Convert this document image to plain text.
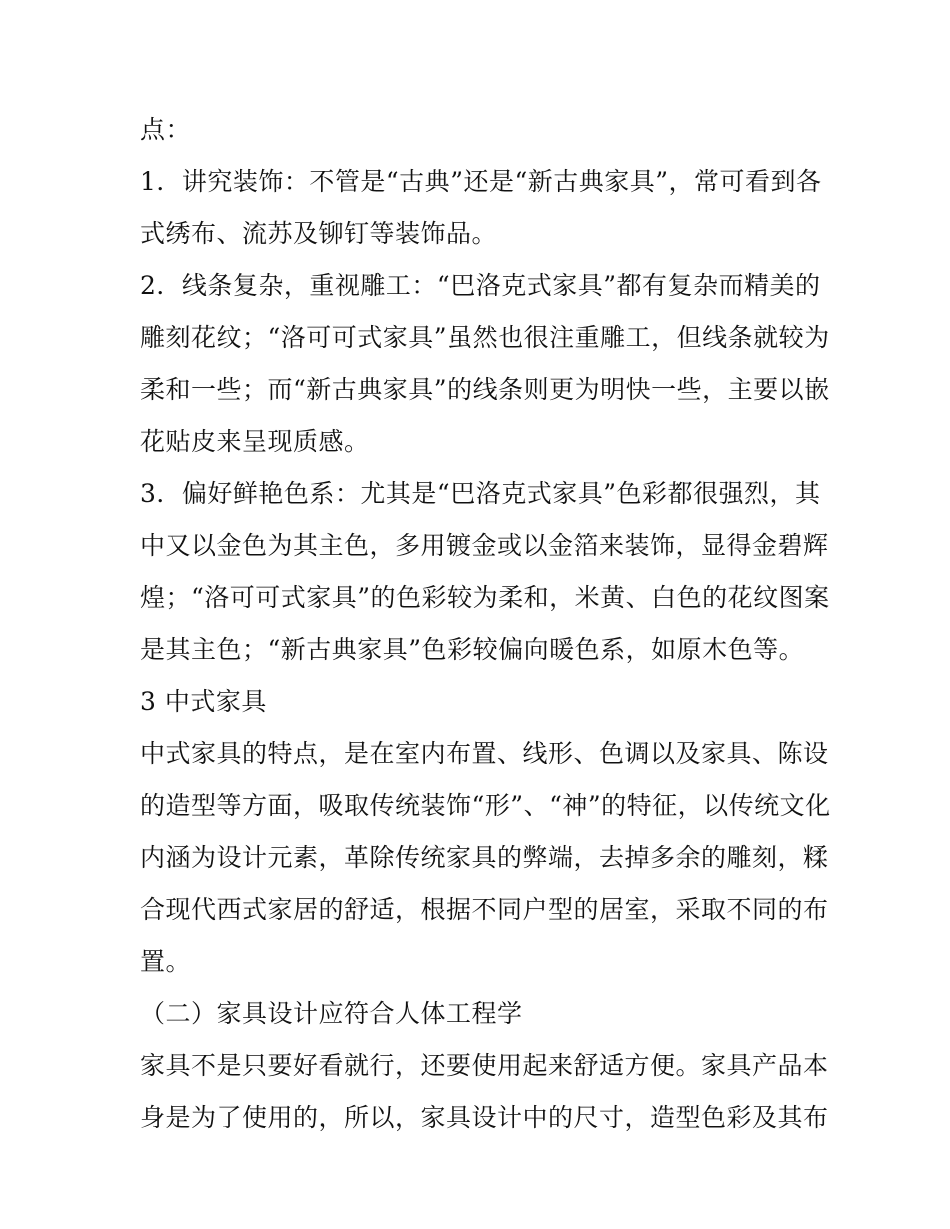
点：
1．讲究装饰：不管是“古典”还是“新古典家具”，常可看到各
式绣布、流苏及铆钉等装饰品。
2．线条复杂，重视雕工：“巴洛克式家具”都有复杂而精美的
雕刻花纹；“洛可可式家具”虽然也很注重雕工，但线条就较为
柔和一些；而“新古典家具”的线条则更为明快一些，主要以嵌
花贴皮来呈现质感。
3．偏好鲜艳色系：尤其是“巴洛克式家具”色彩都很强烈，其
中又以金色为其主色，多用镀金或以金箔来装饰，显得金碧辉
煌；“洛可可式家具”的色彩较为柔和，米黄、白色的花纹图案
是其主色；“新古典家具”色彩较偏向暖色系，如原木色等。
3 中式家具
中式家具的特点，是在室内布置、线形、色调以及家具、陈设
的造型等方面，吸取传统装饰“形”、“神”的特征，以传统文化
内涵为设计元素，革除传统家具的弊端，去掉多余的雕刻，糅
合现代西式家居的舒适，根据不同户型的居室，采取不同的布
置。
（二）家具设计应符合人体工程学
家具不是只要好看就行，还要使用起来舒适方便。家具产品本
身是为了使用的，所以，家具设计中的尺寸，造型色彩及其布
